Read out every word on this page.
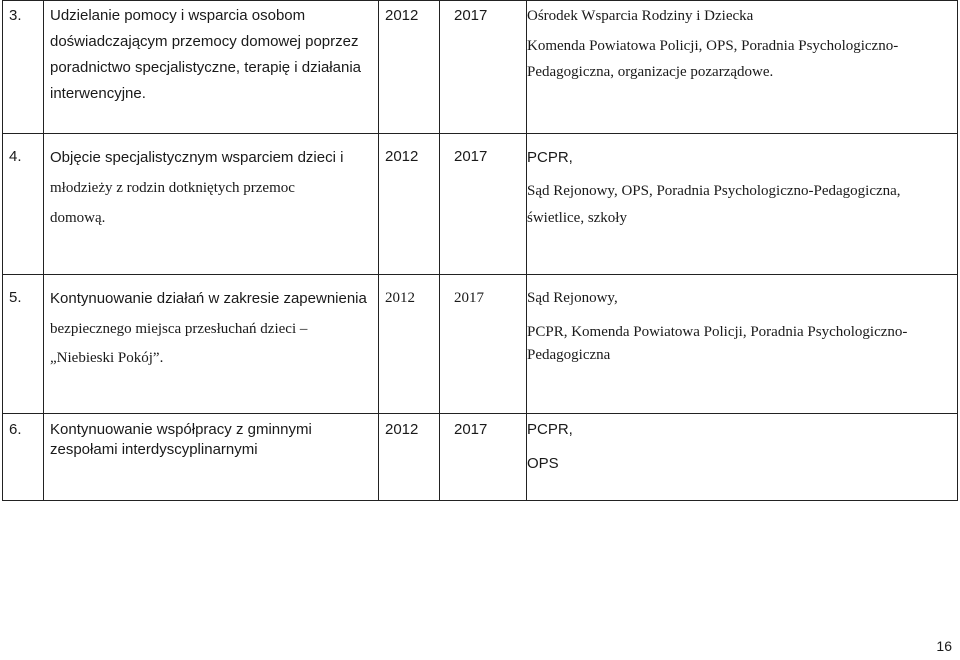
3.	Udzielanie pomocy i wsparcia osobom
doświadczającym przemocy domowej poprzez
poradnictwo specjalistyczne, terapię i działania
interwencyjne.	2012	2017	Ośrodek Wsparcia Rodziny i Dziecka
Komenda Powiatowa Policji, OPS, Poradnia Psychologiczno-
Pedagogiczna, organizacje pozarządowe.

4.	Objęcie specjalistycznym wsparciem dzieci i
młodzieży z rodzin dotkniętych przemoc
domową.	2012	2017	PCPR,
Sąd Rejonowy, OPS, Poradnia Psychologiczno-Pedagogiczna,
świetlice, szkoły

5.	Kontynuowanie działań w zakresie zapewnienia
bezpiecznego miejsca przesłuchań dzieci –
„Niebieski Pokój”.	2012	2017	Sąd Rejonowy,
PCPR, Komenda Powiatowa Policji, Poradnia Psychologiczno-
Pedagogiczna

6.	Kontynuowanie współpracy z gminnymi
zespołami interdyscyplinarnymi	2012	2017	PCPR,
OPS
16
